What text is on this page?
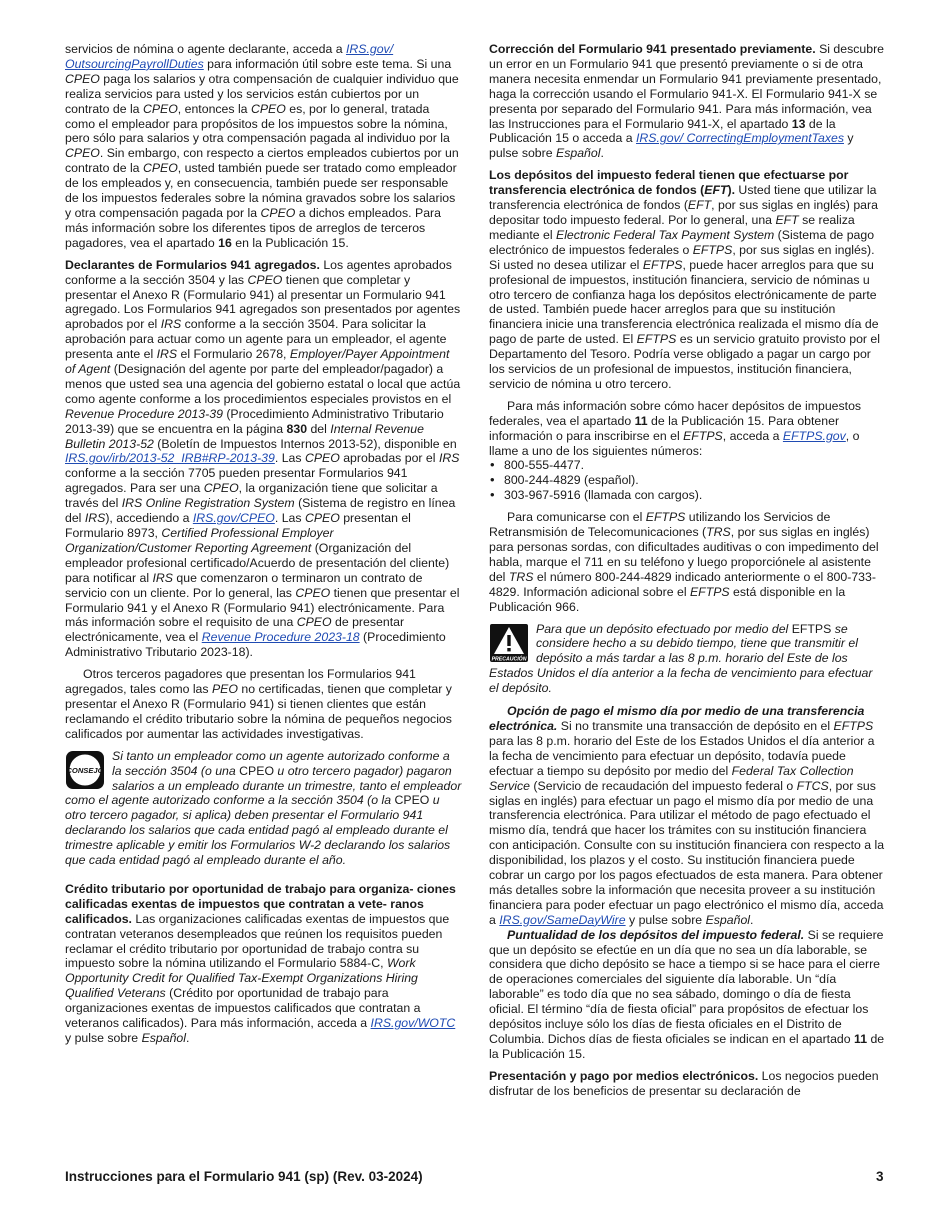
servicios de nómina o agente declarante, acceda a IRS.gov/ OutsourcingPayrollDuties para información útil sobre este tema. Si una CPEO paga los salarios y otra compensación de cualquier individuo que realiza servicios para usted y los servicios están cubiertos por un contrato de la CPEO, entonces la CPEO es, por lo general, tratada como el empleador para propósitos de los impuestos sobre la nómina, pero sólo para salarios y otra compensación pagada al individuo por la CPEO. Sin embargo, con respecto a ciertos empleados cubiertos por un contrato de la CPEO, usted también puede ser tratado como empleador de los empleados y, en consecuencia, también puede ser responsable de los impuestos federales sobre la nómina gravados sobre los salarios y otra compensación pagada por la CPEO a dichos empleados. Para más información sobre los diferentes tipos de arreglos de terceros pagadores, vea el apartado 16 en la Publicación 15.

Declarantes de Formularios 941 agregados. Los agentes aprobados conforme a la sección 3504 y las CPEO tienen que completar y presentar el Anexo R (Formulario 941) al presentar un Formulario 941 agregado. Los Formularios 941 agregados son presentados por agentes aprobados por el IRS conforme a la sección 3504. Para solicitar la aprobación para actuar como un agente para un empleador, el agente presenta ante el IRS el Formulario 2678, Employer/Payer Appointment of Agent (Designación del agente por parte del empleador/pagador) a menos que usted sea una agencia del gobierno estatal o local que actúa como agente conforme a los procedimientos especiales provistos en el Revenue Procedure 2013-39 (Procedimiento Administrativo Tributario 2013-39) que se encuentra en la página 830 del Internal Revenue Bulletin 2013-52 (Boletín de Impuestos Internos 2013-52), disponible en IRS.gov/irb/2013-52_IRB#RP-2013-39. Las CPEO aprobadas por el IRS conforme a la sección 7705 pueden presentar Formularios 941 agregados. Para ser una CPEO, la organización tiene que solicitar a través del IRS Online Registration System (Sistema de registro en línea del IRS), accediendo a IRS.gov/CPEO. Las CPEO presentan el Formulario 8973, Certified Professional Employer Organization/Customer Reporting Agreement (Organización del empleador profesional certificado/Acuerdo de presentación del cliente) para notificar al IRS que comenzaron o terminaron un contrato de servicio con un cliente. Por lo general, las CPEO tienen que presentar el Formulario 941 y el Anexo R (Formulario 941) electrónicamente. Para más información sobre el requisito de una CPEO de presentar electrónicamente, vea el Revenue Procedure 2023-18 (Procedimiento Administrativo Tributario 2023-18).

Otros terceros pagadores que presentan los Formularios 941 agregados, tales como las PEO no certificadas, tienen que completar y presentar el Anexo R (Formulario 941) si tienen clientes que están reclamando el crédito tributario sobre la nómina de pequeños negocios calificados por aumentar las actividades investigativas.

CONSEJO
Si tanto un empleador como un agente autorizado conforme a la sección 3504 (o una CPEO u otro tercero pagador) pagaron salarios a un empleado durante un trimestre, tanto el empleador como el agente autorizado conforme a la sección 3504 (o la CPEO u otro tercero pagador, si aplica) deben presentar el Formulario 941 declarando los salarios que cada entidad pagó al empleado durante el trimestre aplicable y emitir los Formularios W-2 declarando los salarios que cada entidad pagó al empleado durante el año.

Crédito tributario por oportunidad de trabajo para organiza- ciones calificadas exentas de impuestos que contratan a vete- ranos calificados. Las organizaciones calificadas exentas de impuestos que contratan veteranos desempleados que reúnen los requisitos pueden reclamar el crédito tributario por oportunidad de trabajo contra su impuesto sobre la nómina utilizando el Formulario 5884-C, Work Opportunity Credit for Qualified Tax-Exempt Organizations Hiring Qualified Veterans (Crédito por oportunidad de trabajo para organizaciones exentas de impuestos calificados que contratan a veteranos calificados). Para más información, acceda a IRS.gov/WOTC y pulse sobre Español.

Corrección del Formulario 941 presentado previamente. Si descubre un error en un Formulario 941 que presentó previamente o si de otra manera necesita enmendar un Formulario 941 previamente presentado, haga la corrección usando el Formulario 941-X. El Formulario 941-X se presenta por separado del Formulario 941. Para más información, vea las Instrucciones para el Formulario 941-X, el apartado 13 de la Publicación 15 o acceda a IRS.gov/ CorrectingEmploymentTaxes y pulse sobre Español.

Los depósitos del impuesto federal tienen que efectuarse por transferencia electrónica de fondos (EFT). Usted tiene que utilizar la transferencia electrónica de fondos (EFT, por sus siglas en inglés) para depositar todo impuesto federal. Por lo general, una EFT se realiza mediante el Electronic Federal Tax Payment System (Sistema de pago electrónico de impuestos federales o EFTPS, por sus siglas en inglés). Si usted no desea utilizar el EFTPS, puede hacer arreglos para que su profesional de impuestos, institución financiera, servicio de nóminas u otro tercero de confianza haga los depósitos electrónicamente de parte de usted. También puede hacer arreglos para que su institución financiera inicie una transferencia electrónica realizada el mismo día de pago de parte de usted. El EFTPS es un servicio gratuito provisto por el Departamento del Tesoro. Podría verse obligado a pagar un cargo por los servicios de un profesional de impuestos, institución financiera, servicio de nómina u otro tercero.

Para más información sobre cómo hacer depósitos de impuestos federales, vea el apartado 11 de la Publicación 15. Para obtener información o para inscribirse en el EFTPS, acceda a EFTPS.gov, o llame a uno de los siguientes números:

• 800-555-4477.
• 800-244-4829 (español).
• 303-967-5916 (llamada con cargos).

Para comunicarse con el EFTPS utilizando los Servicios de Retransmisión de Telecomunicaciones (TRS, por sus siglas en inglés) para personas sordas, con dificultades auditivas o con impedimento del habla, marque el 711 en su teléfono y luego proporciónele al asistente del TRS el número 800-244-4829 indicado anteriormente o el 800-733-4829. Información adicional sobre el EFTPS está disponible en la Publicación 966.

PRECAUCIÓN
Para que un depósito efectuado por medio del EFTPS se considere hecho a su debido tiempo, tiene que transmitir el depósito a más tardar a las 8 p.m. horario del Este de los Estados Unidos el día anterior a la fecha de vencimiento para efectuar el depósito.

Opción de pago el mismo día por medio de una transferencia electrónica. Si no transmite una transacción de depósito en el EFTPS para las 8 p.m. horario del Este de los Estados Unidos el día anterior a la fecha de vencimiento para efectuar un depósito, todavía puede efectuar a tiempo su depósito por medio del Federal Tax Collection Service (Servicio de recaudación del impuesto federal o FTCS, por sus siglas en inglés) para efectuar un pago el mismo día por medio de una transferencia electrónica. Para utilizar el método de pago efectuado el mismo día, tendrá que hacer los trámites con su institución financiera con anticipación. Consulte con su institución financiera con respecto a la disponibilidad, los plazos y el costo. Su institución financiera puede cobrar un cargo por los pagos efectuados de esta manera. Para obtener más detalles sobre la información que necesita proveer a su institución financiera para poder efectuar un pago electrónico el mismo día, acceda a IRS.gov/SameDayWire y pulse sobre Español.

Puntualidad de los depósitos del impuesto federal. Si se requiere que un depósito se efectúe en un día que no sea un día laborable, se considera que dicho depósito se hace a tiempo si se hace para el cierre de operaciones comerciales del siguiente día laborable. Un “día laborable” es todo día que no sea sábado, domingo o día de fiesta oficial. El término “día de fiesta oficial” para propósitos de efectuar los depósitos incluye sólo los días de fiesta oficiales en el Distrito de Columbia. Dichos días de fiesta oficiales se indican en el apartado 11 de la Publicación 15.

Presentación y pago por medios electrónicos. Los negocios pueden disfrutar de los beneficios de presentar su declaración de

Instrucciones para el Formulario 941 (sp) (Rev. 03-2024)	3
